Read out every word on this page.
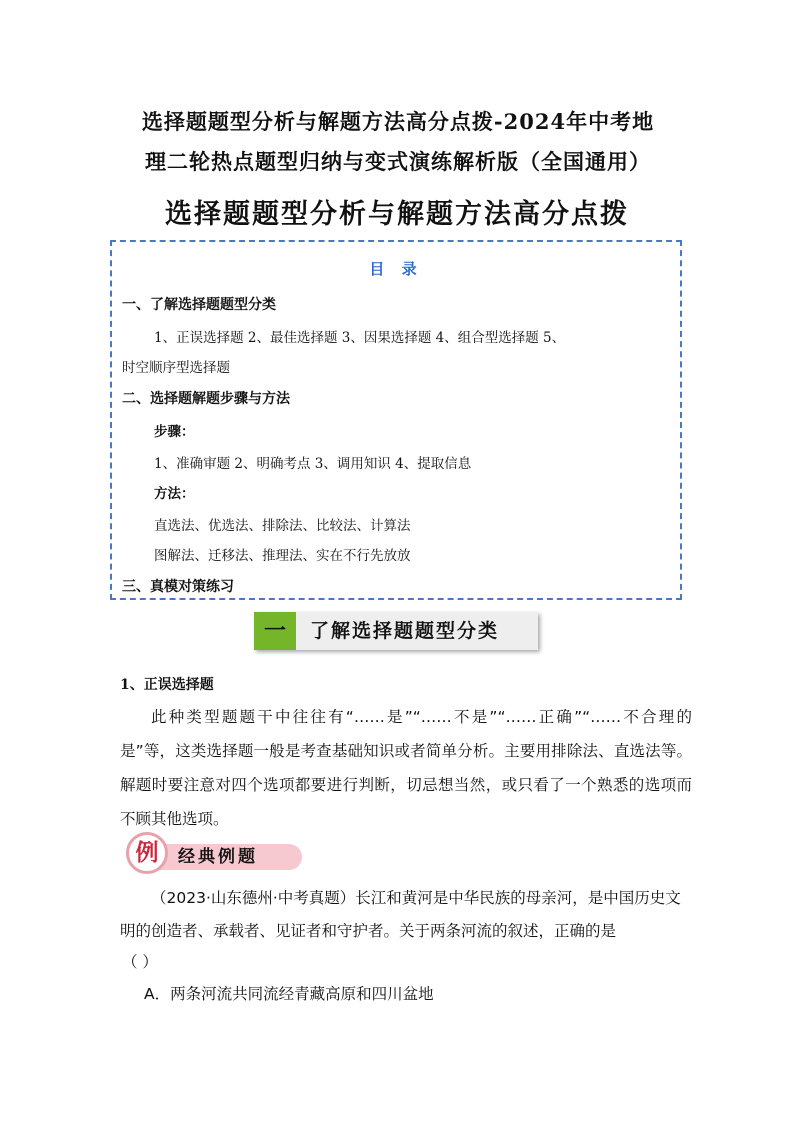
选择题题型分析与解题方法高分点拨-2024年中考地
理二轮热点题型归纳与变式演练解析版（全国通用）
选择题题型分析与解题方法高分点拨
目 录
一、了解选择题题型分类
1、正误选择题 2、最佳选择题 3、因果选择题 4、组合型选择题 5、
时空顺序型选择题
二、选择题解题步骤与方法
步骤：
1、准确审题 2、明确考点 3、调用知识 4、提取信息
方法：
直选法、优选法、排除法、比较法、计算法
图解法、迁移法、推理法、实在不行先放放
三、真模对策练习
一	了解选择题题型分类
1、正误选择题
此种类型题题干中往往有“……是”“……不是”“……正确”“……不合理的是”等，这类选择题一般是考查基础知识或者简单分析。主要用排除法、直选法等。解题时要注意对四个选项都要进行判断，切忌想当然，或只看了一个熟悉的选项而不顾其他选项。
例	经典例题
（2023·山东德州·中考真题）长江和黄河是中华民族的母亲河，是中国历史文明的创造者、承载者、见证者和守护者。关于两条河流的叙述，正确的是
（ ）
A．两条河流共同流经青藏高原和四川盆地
